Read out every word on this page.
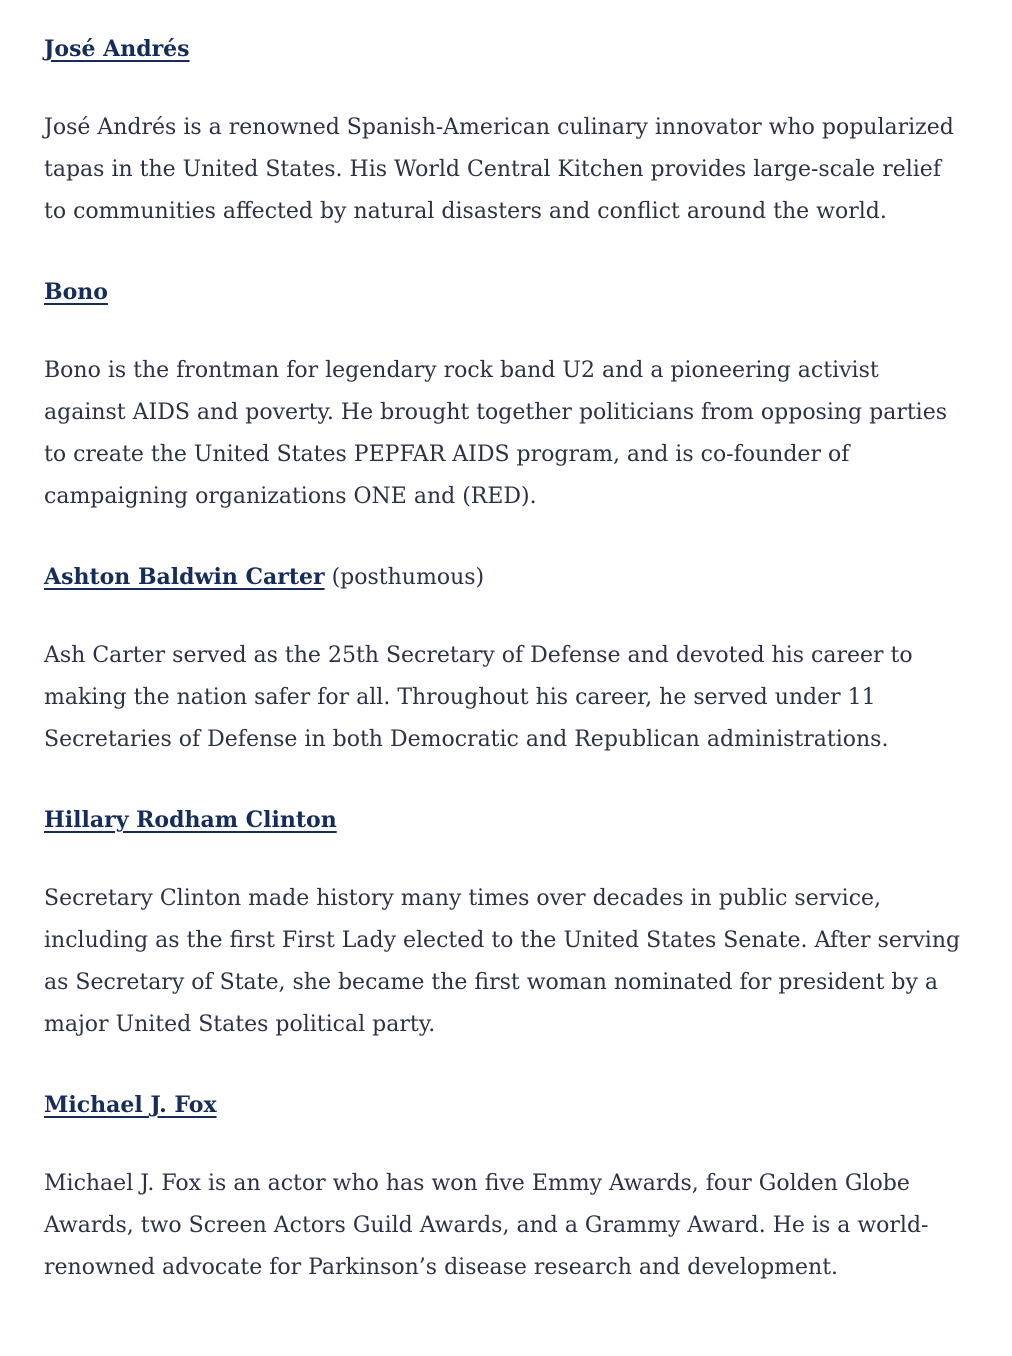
José Andrés

José Andrés is a renowned Spanish-American culinary innovator who popularized tapas in the United States. His World Central Kitchen provides large-scale relief to communities affected by natural disasters and conflict around the world.

Bono

Bono is the frontman for legendary rock band U2 and a pioneering activist against AIDS and poverty. He brought together politicians from opposing parties to create the United States PEPFAR AIDS program, and is co-founder of campaigning organizations ONE and (RED).

Ashton Baldwin Carter (posthumous)

Ash Carter served as the 25th Secretary of Defense and devoted his career to making the nation safer for all. Throughout his career, he served under 11 Secretaries of Defense in both Democratic and Republican administrations.

Hillary Rodham Clinton

Secretary Clinton made history many times over decades in public service, including as the first First Lady elected to the United States Senate. After serving as Secretary of State, she became the first woman nominated for president by a major United States political party.

Michael J. Fox

Michael J. Fox is an actor who has won five Emmy Awards, four Golden Globe Awards, two Screen Actors Guild Awards, and a Grammy Award. He is a world-renowned advocate for Parkinson’s disease research and development.
